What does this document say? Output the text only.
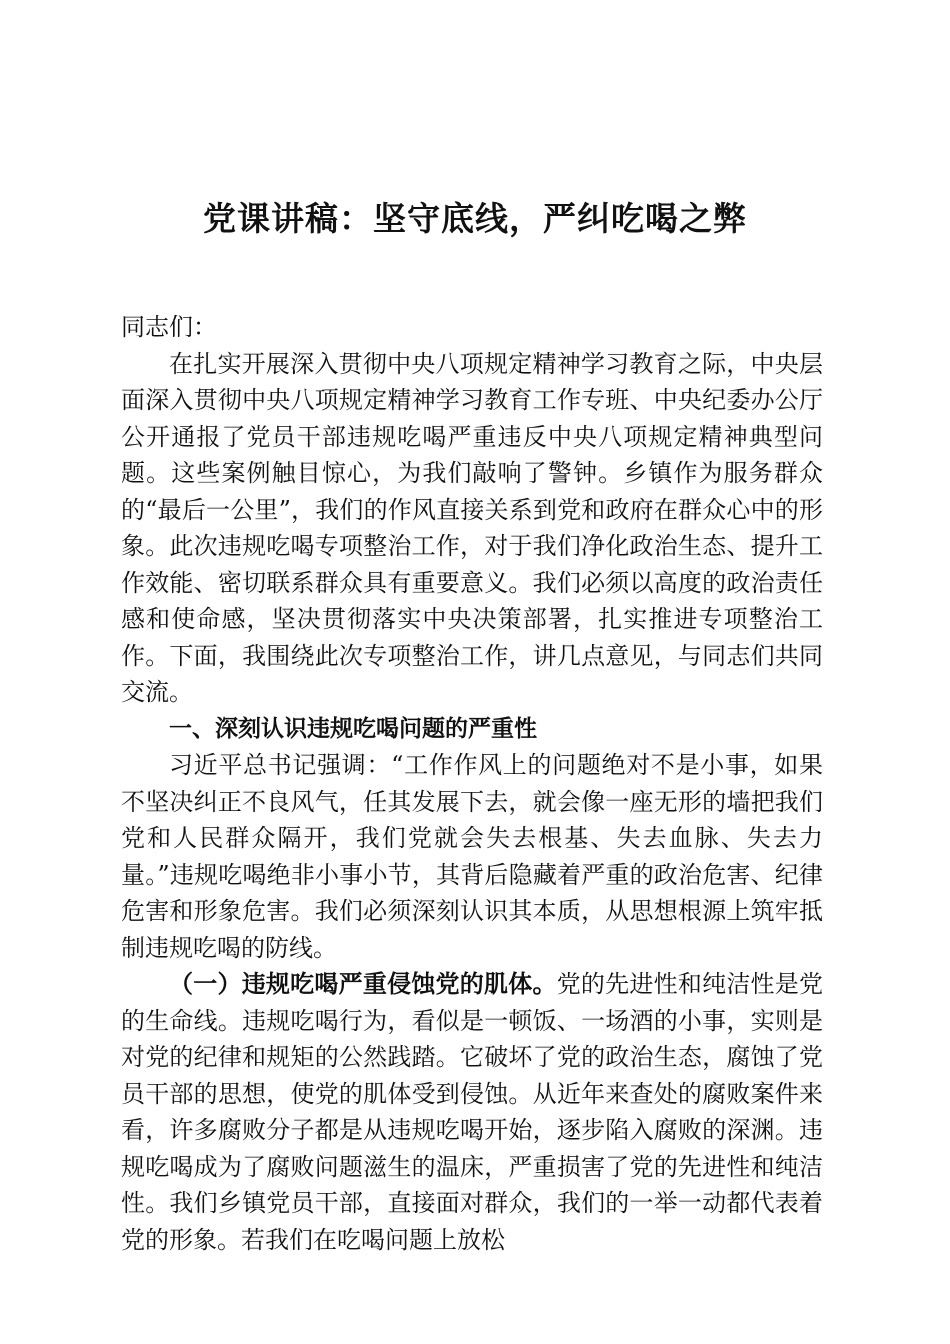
党课讲稿：坚守底线，严纠吃喝之弊

同志们：

在扎实开展深入贯彻中央八项规定精神学习教育之际，中央层面深入贯彻中央八项规定精神学习教育工作专班、中央纪委办公厅公开通报了党员干部违规吃喝严重违反中央八项规定精神典型问题。这些案例触目惊心，为我们敲响了警钟。乡镇作为服务群众的“最后一公里”，我们的作风直接关系到党和政府在群众心中的形象。此次违规吃喝专项整治工作，对于我们净化政治生态、提升工作效能、密切联系群众具有重要意义。我们必须以高度的政治责任感和使命感，坚决贯彻落实中央决策部署，扎实推进专项整治工作。下面，我围绕此次专项整治工作，讲几点意见，与同志们共同交流。

一、深刻认识违规吃喝问题的严重性

习近平总书记强调：“工作作风上的问题绝对不是小事，如果不坚决纠正不良风气，任其发展下去，就会像一座无形的墙把我们党和人民群众隔开，我们党就会失去根基、失去血脉、失去力量。”违规吃喝绝非小事小节，其背后隐藏着严重的政治危害、纪律危害和形象危害。我们必须深刻认识其本质，从思想根源上筑牢抵制违规吃喝的防线。

（一）违规吃喝严重侵蚀党的肌体。党的先进性和纯洁性是党的生命线。违规吃喝行为，看似是一顿饭、一场酒的小事，实则是对党的纪律和规矩的公然践踏。它破坏了党的政治生态，腐蚀了党员干部的思想，使党的肌体受到侵蚀。从近年来查处的腐败案件来看，许多腐败分子都是从违规吃喝开始，逐步陷入腐败的深渊。违规吃喝成为了腐败问题滋生的温床，严重损害了党的先进性和纯洁性。我们乡镇党员干部，直接面对群众，我们的一举一动都代表着党的形象。若我们在吃喝问题上放松
